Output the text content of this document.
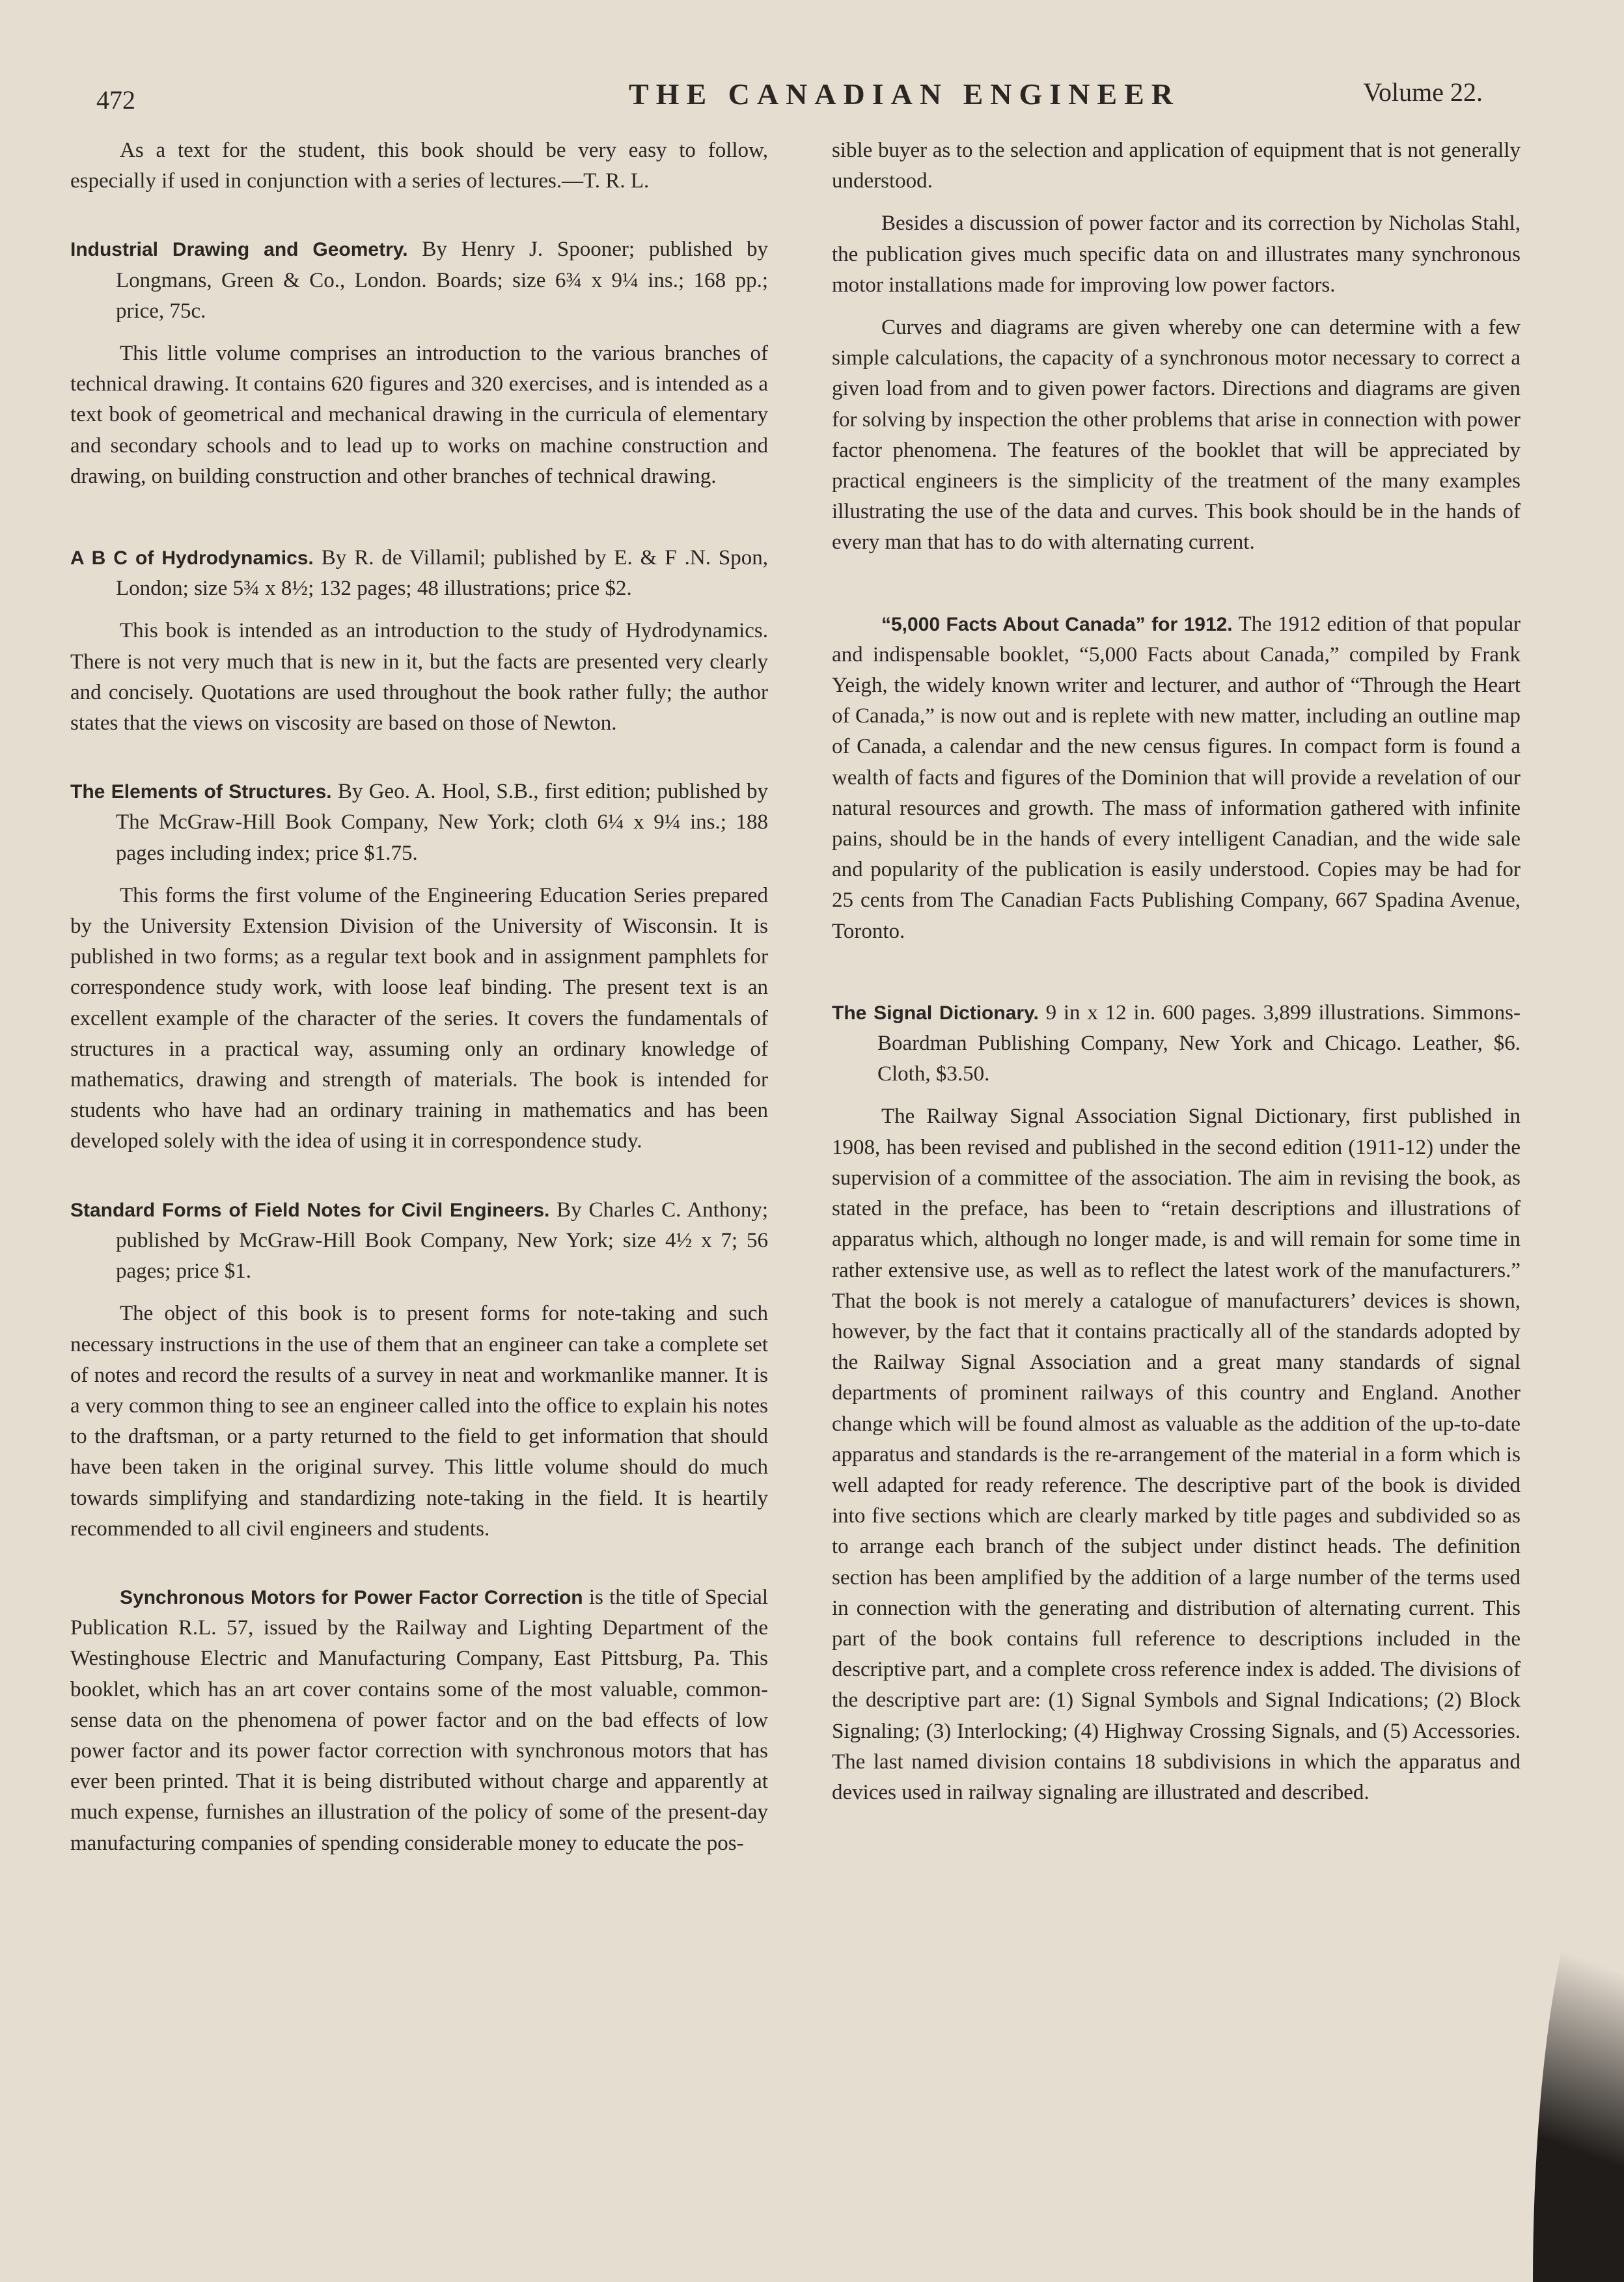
472	THE CANADIAN ENGINEER	Volume 22.

As a text for the student, this book should be very easy to follow, especially if used in conjunction with a series of lectures.—T. R. L.

Industrial Drawing and Geometry. By Henry J. Spooner; published by Longmans, Green & Co., London. Boards; size 6¾ x 9¼ ins.; 168 pp.; price, 75c.

This little volume comprises an introduction to the various branches of technical drawing. It contains 620 figures and 320 exercises, and is intended as a text book of geometrical and mechanical drawing in the curricula of elementary and secondary schools and to lead up to works on machine construction and drawing, on building construction and other branches of technical drawing.

A B C of Hydrodynamics. By R. de Villamil; published by E. & F .N. Spon, London; size 5¾ x 8½; 132 pages; 48 illustrations; price $2.

This book is intended as an introduction to the study of Hydrodynamics. There is not very much that is new in it, but the facts are presented very clearly and concisely. Quotations are used throughout the book rather fully; the author states that the views on viscosity are based on those of Newton.

The Elements of Structures. By Geo. A. Hool, S.B., first edition; published by The McGraw-Hill Book Company, New York; cloth 6¼ x 9¼ ins.; 188 pages including index; price $1.75.

This forms the first volume of the Engineering Education Series prepared by the University Extension Division of the University of Wisconsin. It is published in two forms; as a regular text book and in assignment pamphlets for correspondence study work, with loose leaf binding. The present text is an excellent example of the character of the series. It covers the fundamentals of structures in a practical way, assuming only an ordinary knowledge of mathematics, drawing and strength of materials. The book is intended for students who have had an ordinary training in mathematics and has been developed solely with the idea of using it in correspondence study.

Standard Forms of Field Notes for Civil Engineers. By Charles C. Anthony; published by McGraw-Hill Book Company, New York; size 4½ x 7; 56 pages; price $1.

The object of this book is to present forms for note-taking and such necessary instructions in the use of them that an engineer can take a complete set of notes and record the results of a survey in neat and workmanlike manner. It is a very common thing to see an engineer called into the office to explain his notes to the draftsman, or a party returned to the field to get information that should have been taken in the original survey. This little volume should do much towards simplifying and standardizing note-taking in the field. It is heartily recommended to all civil engineers and students.

Synchronous Motors for Power Factor Correction is the title of Special Publication R.L. 57, issued by the Railway and Lighting Department of the Westinghouse Electric and Manufacturing Company, East Pittsburg, Pa. This booklet, which has an art cover contains some of the most valuable, common-sense data on the phenomena of power factor and on the bad effects of low power factor and its power factor correction with synchronous motors that has ever been printed. That it is being distributed without charge and apparently at much expense, furnishes an illustration of the policy of some of the present-day manufacturing companies of spending considerable money to educate the pos-

sible buyer as to the selection and application of equipment that is not generally understood.

Besides a discussion of power factor and its correction by Nicholas Stahl, the publication gives much specific data on and illustrates many synchronous motor installations made for improving low power factors.

Curves and diagrams are given whereby one can determine with a few simple calculations, the capacity of a synchronous motor necessary to correct a given load from and to given power factors. Directions and diagrams are given for solving by inspection the other problems that arise in connection with power factor phenomena. The features of the booklet that will be appreciated by practical engineers is the simplicity of the treatment of the many examples illustrating the use of the data and curves. This book should be in the hands of every man that has to do with alternating current.

“5,000 Facts About Canada” for 1912. The 1912 edition of that popular and indispensable booklet, “5,000 Facts about Canada,” compiled by Frank Yeigh, the widely known writer and lecturer, and author of “Through the Heart of Canada,” is now out and is replete with new matter, including an outline map of Canada, a calendar and the new census figures. In compact form is found a wealth of facts and figures of the Dominion that will provide a revelation of our natural resources and growth. The mass of information gathered with infinite pains, should be in the hands of every intelligent Canadian, and the wide sale and popularity of the publication is easily understood. Copies may be had for 25 cents from The Canadian Facts Publishing Company, 667 Spadina Avenue, Toronto.

The Signal Dictionary. 9 in x 12 in. 600 pages. 3,899 illustrations. Simmons-Boardman Publishing Company, New York and Chicago. Leather, $6. Cloth, $3.50.

The Railway Signal Association Signal Dictionary, first published in 1908, has been revised and published in the second edition (1911-12) under the supervision of a committee of the association. The aim in revising the book, as stated in the preface, has been to “retain descriptions and illustrations of apparatus which, although no longer made, is and will remain for some time in rather extensive use, as well as to reflect the latest work of the manufacturers.” That the book is not merely a catalogue of manufacturers’ devices is shown, however, by the fact that it contains practically all of the standards adopted by the Railway Signal Association and a great many standards of signal departments of prominent railways of this country and England. Another change which will be found almost as valuable as the addition of the up-to-date apparatus and standards is the re-arrangement of the material in a form which is well adapted for ready reference. The descriptive part of the book is divided into five sections which are clearly marked by title pages and subdivided so as to arrange each branch of the subject under distinct heads. The definition section has been amplified by the addition of a large number of the terms used in connection with the generating and distribution of alternating current. This part of the book contains full reference to descriptions included in the descriptive part, and a complete cross reference index is added. The divisions of the descriptive part are: (1) Signal Symbols and Signal Indications; (2) Block Signaling; (3) Interlocking; (4) Highway Crossing Signals, and (5) Accessories. The last named division contains 18 subdivisions in which the apparatus and devices used in railway signaling are illustrated and described.
